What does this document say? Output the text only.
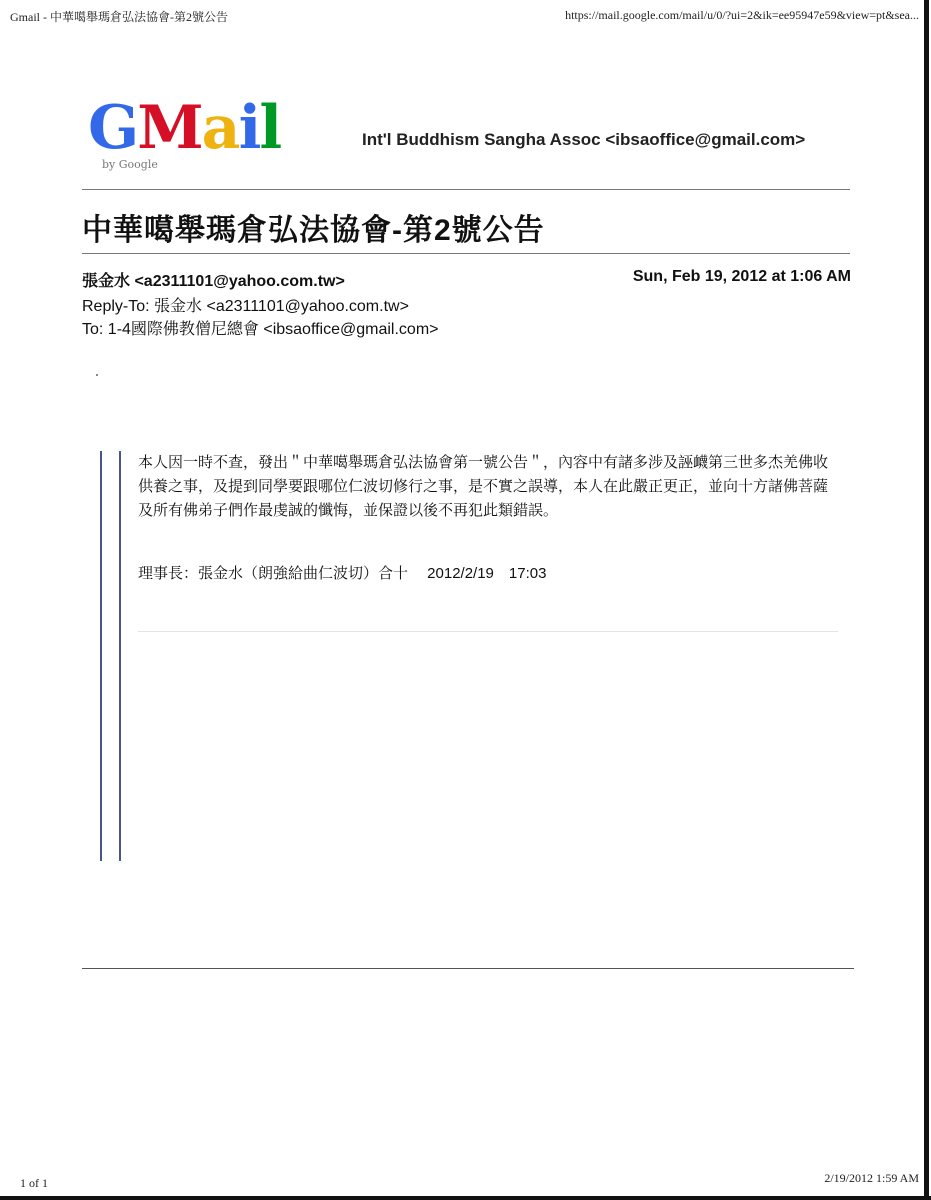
Gmail - 中華噶舉瑪倉弘法協會-第2號公告	https://mail.google.com/mail/u/0/?ui=2&ik=ee95947e59&view=pt&sea...
GMail
by Google
Int'l Buddhism Sangha Assoc <ibsaoffice@gmail.com>
中華噶舉瑪倉弘法協會-第2號公告
張金水 <a2311101@yahoo.com.tw>	Sun, Feb 19, 2012 at 1:06 AM
Reply-To: 張金水 <a2311101@yahoo.com.tw>
To: 1-4國際佛教僧尼總會 <ibsaoffice@gmail.com>
本人因一時不查，發出＂中華噶舉瑪倉弘法協會第一號公告＂，內容中有諸多涉及誣衊第三世多杰羌佛收供養之事，及提到同學要跟哪位仁波切修行之事，是不實之誤導，本人在此嚴正更正，並向十方諸佛菩薩及所有佛弟子們作最虔誠的懺悔，並保證以後不再犯此類錯誤。
理事長：張金水（朗強給曲仁波切）合十　 2012/2/19　17:03
1 of 1	2/19/2012 1:59 AM
